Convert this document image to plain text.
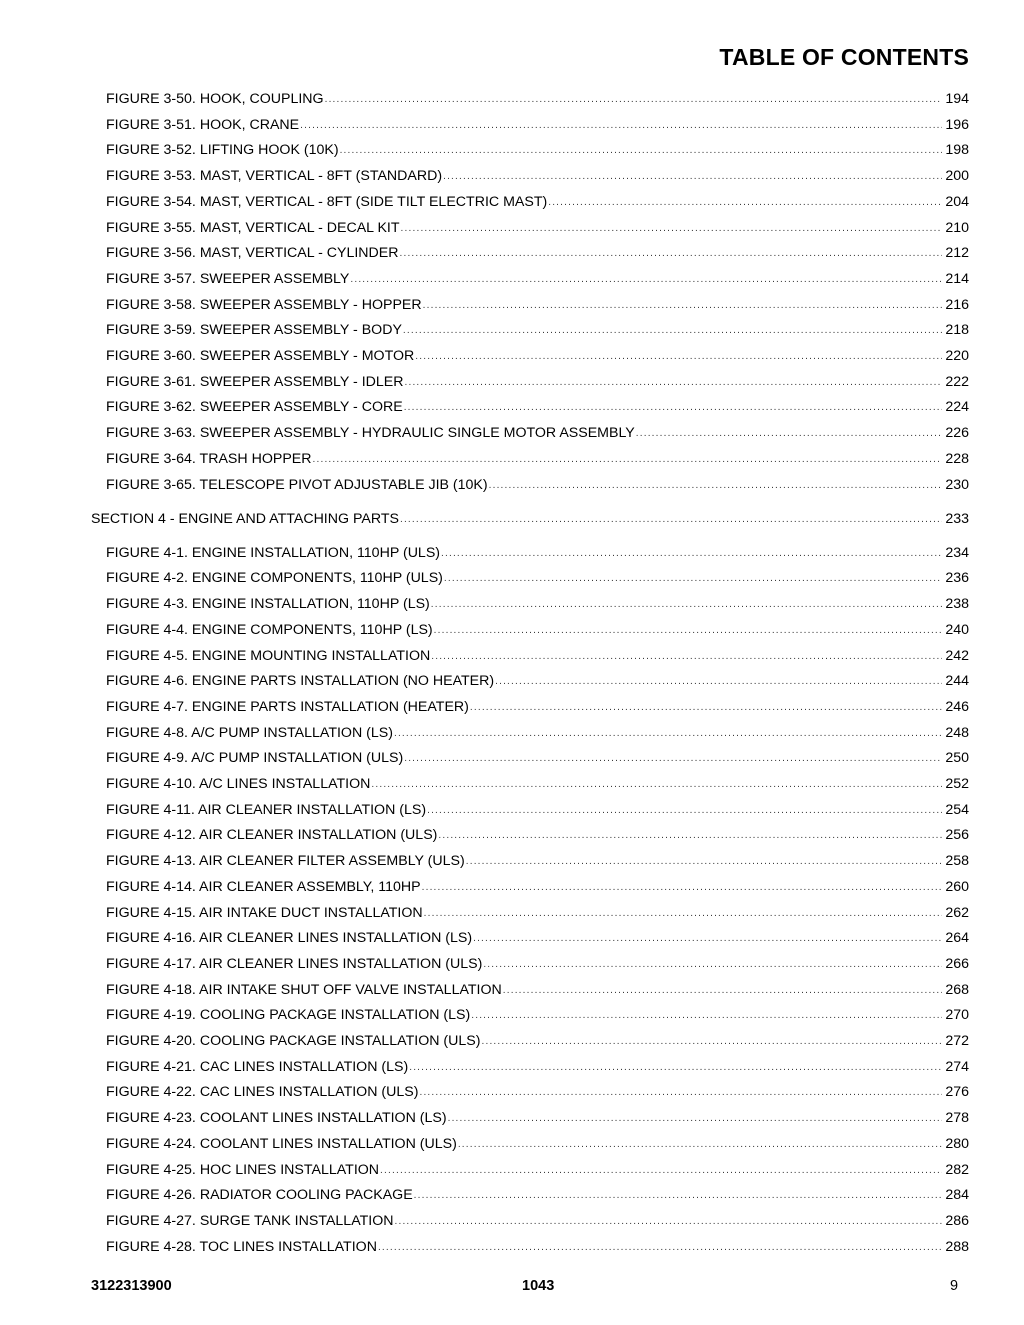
TABLE OF CONTENTS
FIGURE 3-50. HOOK, COUPLING .....	194
FIGURE 3-51. HOOK, CRANE .....	196
FIGURE 3-52. LIFTING HOOK (10K) .....	198
FIGURE 3-53. MAST, VERTICAL - 8FT (STANDARD) .....	200
FIGURE 3-54. MAST, VERTICAL - 8FT (SIDE TILT ELECTRIC MAST) .....	204
FIGURE 3-55. MAST, VERTICAL - DECAL KIT .....	210
FIGURE 3-56. MAST, VERTICAL - CYLINDER .....	212
FIGURE 3-57. SWEEPER ASSEMBLY .....	214
FIGURE 3-58. SWEEPER ASSEMBLY - HOPPER .....	216
FIGURE 3-59. SWEEPER ASSEMBLY - BODY .....	218
FIGURE 3-60. SWEEPER ASSEMBLY - MOTOR .....	220
FIGURE 3-61. SWEEPER ASSEMBLY - IDLER .....	222
FIGURE 3-62. SWEEPER ASSEMBLY - CORE .....	224
FIGURE 3-63. SWEEPER ASSEMBLY - HYDRAULIC SINGLE MOTOR ASSEMBLY .....	226
FIGURE 3-64. TRASH HOPPER .....	228
FIGURE 3-65. TELESCOPE PIVOT ADJUSTABLE JIB (10K) .....	230
SECTION 4 - ENGINE AND ATTACHING PARTS .....	233
FIGURE 4-1. ENGINE INSTALLATION, 110HP (ULS) .....	234
FIGURE 4-2. ENGINE COMPONENTS, 110HP (ULS) .....	236
FIGURE 4-3. ENGINE INSTALLATION, 110HP (LS) .....	238
FIGURE 4-4. ENGINE COMPONENTS, 110HP (LS) .....	240
FIGURE 4-5. ENGINE MOUNTING INSTALLATION .....	242
FIGURE 4-6. ENGINE PARTS INSTALLATION (NO HEATER) .....	244
FIGURE 4-7. ENGINE PARTS INSTALLATION (HEATER) .....	246
FIGURE 4-8. A/C PUMP INSTALLATION (LS) .....	248
FIGURE 4-9. A/C PUMP INSTALLATION (ULS) .....	250
FIGURE 4-10. A/C LINES INSTALLATION .....	252
FIGURE 4-11. AIR CLEANER INSTALLATION (LS) .....	254
FIGURE 4-12. AIR CLEANER INSTALLATION (ULS) .....	256
FIGURE 4-13. AIR CLEANER FILTER ASSEMBLY (ULS) .....	258
FIGURE 4-14. AIR CLEANER ASSEMBLY, 110HP .....	260
FIGURE 4-15. AIR INTAKE DUCT INSTALLATION .....	262
FIGURE 4-16. AIR CLEANER LINES INSTALLATION (LS) .....	264
FIGURE 4-17. AIR CLEANER LINES INSTALLATION (ULS) .....	266
FIGURE 4-18. AIR INTAKE SHUT OFF VALVE INSTALLATION .....	268
FIGURE 4-19. COOLING PACKAGE INSTALLATION (LS) .....	270
FIGURE 4-20. COOLING PACKAGE INSTALLATION (ULS) .....	272
FIGURE 4-21. CAC LINES INSTALLATION (LS) .....	274
FIGURE 4-22. CAC LINES INSTALLATION (ULS) .....	276
FIGURE 4-23. COOLANT LINES INSTALLATION (LS) .....	278
FIGURE 4-24. COOLANT LINES INSTALLATION (ULS) .....	280
FIGURE 4-25. HOC LINES INSTALLATION .....	282
FIGURE 4-26. RADIATOR COOLING PACKAGE .....	284
FIGURE 4-27. SURGE TANK INSTALLATION .....	286
FIGURE 4-28. TOC LINES INSTALLATION .....	288
3122313900	1043	9
